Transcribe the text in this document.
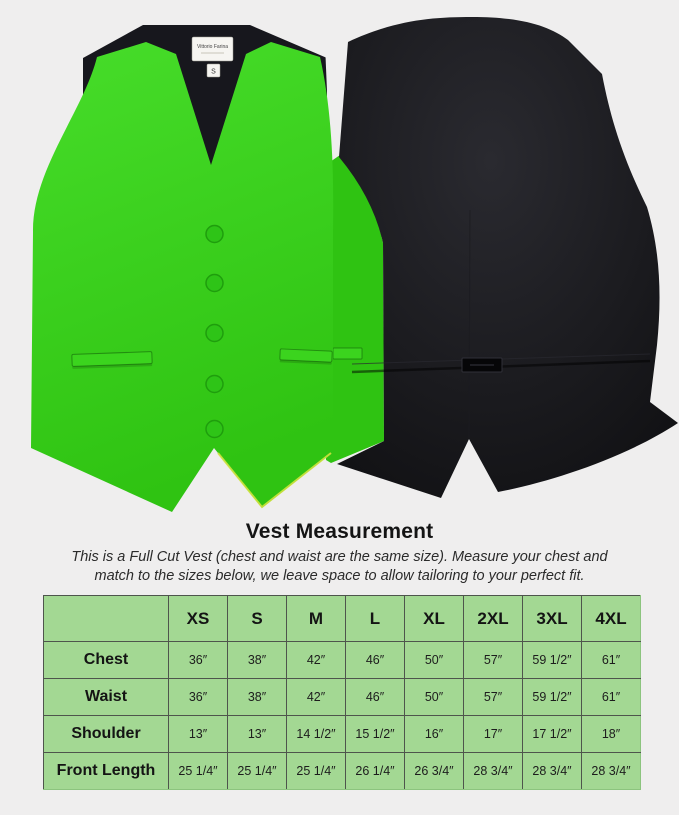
Vittorio Farina
S
Vest Measurement
This is a Full Cut Vest (chest and waist are the same size). Measure your chest and
match to the sizes below, we leave space to allow tailoring to your perfect fit.
	XS	S	M	L	XL	2XL	3XL	4XL
Chest	36″	38″	42″	46″	50″	57″	59 1/2″	61″
Waist	36″	38″	42″	46″	50″	57″	59 1/2″	61″
Shoulder	13″	13″	14 1/2″	15 1/2″	16″	17″	17 1/2″	18″
Front Length	25 1/4″	25 1/4″	25 1/4″	26 1/4″	26 3/4″	28 3/4″	28 3/4″	28 3/4″
